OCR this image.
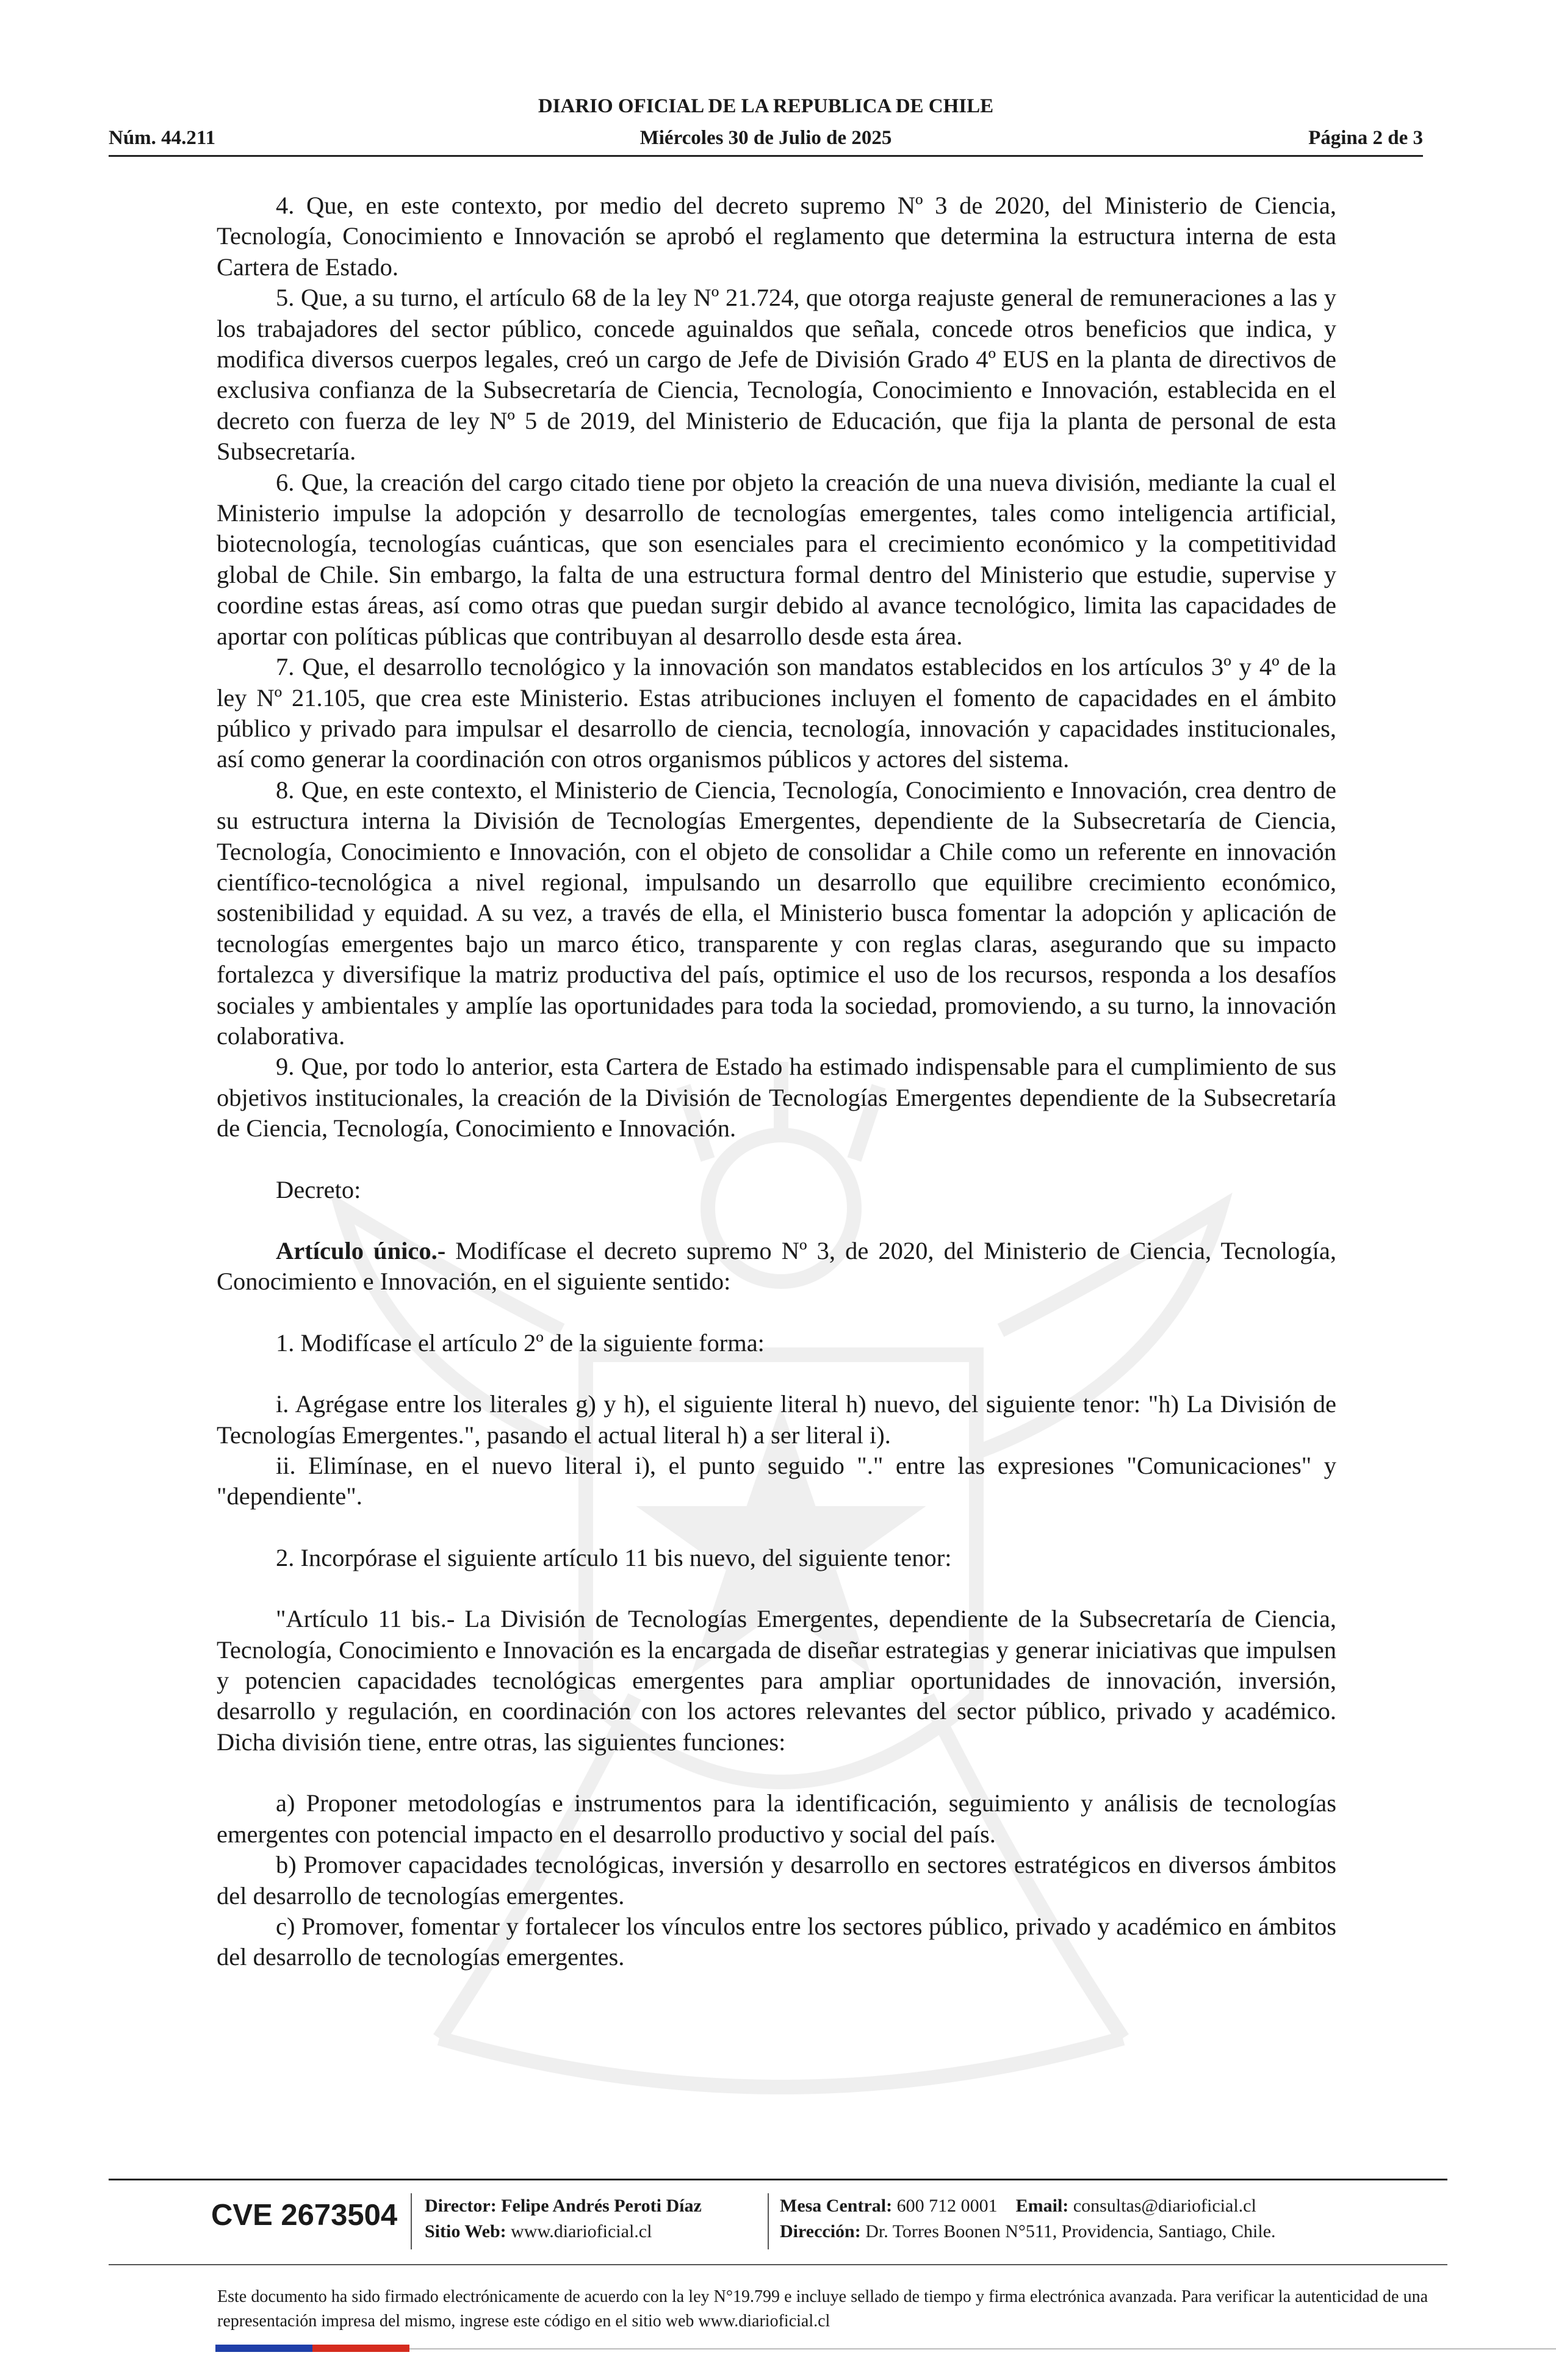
DIARIO OFICIAL DE LA REPUBLICA DE CHILE
Núm. 44.211	Miércoles 30 de Julio de 2025	Página 2 de 3

4. Que, en este contexto, por medio del decreto supremo Nº 3 de 2020, del Ministerio de Ciencia, Tecnología, Conocimiento e Innovación se aprobó el reglamento que determina la estructura interna de esta Cartera de Estado.

5. Que, a su turno, el artículo 68 de la ley Nº 21.724, que otorga reajuste general de remuneraciones a las y los trabajadores del sector público, concede aguinaldos que señala, concede otros beneficios que indica, y modifica diversos cuerpos legales, creó un cargo de Jefe de División Grado 4º EUS en la planta de directivos de exclusiva confianza de la Subsecretaría de Ciencia, Tecnología, Conocimiento e Innovación, establecida en el decreto con fuerza de ley Nº 5 de 2019, del Ministerio de Educación, que fija la planta de personal de esta Subsecretaría.

6. Que, la creación del cargo citado tiene por objeto la creación de una nueva división, mediante la cual el Ministerio impulse la adopción y desarrollo de tecnologías emergentes, tales como inteligencia artificial, biotecnología, tecnologías cuánticas, que son esenciales para el crecimiento económico y la competitividad global de Chile. Sin embargo, la falta de una estructura formal dentro del Ministerio que estudie, supervise y coordine estas áreas, así como otras que puedan surgir debido al avance tecnológico, limita las capacidades de aportar con políticas públicas que contribuyan al desarrollo desde esta área.

7. Que, el desarrollo tecnológico y la innovación son mandatos establecidos en los artículos 3º y 4º de la ley Nº 21.105, que crea este Ministerio. Estas atribuciones incluyen el fomento de capacidades en el ámbito público y privado para impulsar el desarrollo de ciencia, tecnología, innovación y capacidades institucionales, así como generar la coordinación con otros organismos públicos y actores del sistema.

8. Que, en este contexto, el Ministerio de Ciencia, Tecnología, Conocimiento e Innovación, crea dentro de su estructura interna la División de Tecnologías Emergentes, dependiente de la Subsecretaría de Ciencia, Tecnología, Conocimiento e Innovación, con el objeto de consolidar a Chile como un referente en innovación científico-tecnológica a nivel regional, impulsando un desarrollo que equilibre crecimiento económico, sostenibilidad y equidad. A su vez, a través de ella, el Ministerio busca fomentar la adopción y aplicación de tecnologías emergentes bajo un marco ético, transparente y con reglas claras, asegurando que su impacto fortalezca y diversifique la matriz productiva del país, optimice el uso de los recursos, responda a los desafíos sociales y ambientales y amplíe las oportunidades para toda la sociedad, promoviendo, a su turno, la innovación colaborativa.

9. Que, por todo lo anterior, esta Cartera de Estado ha estimado indispensable para el cumplimiento de sus objetivos institucionales, la creación de la División de Tecnologías Emergentes dependiente de la Subsecretaría de Ciencia, Tecnología, Conocimiento e Innovación.

Decreto:

Artículo único.- Modifícase el decreto supremo Nº 3, de 2020, del Ministerio de Ciencia, Tecnología, Conocimiento e Innovación, en el siguiente sentido:

1. Modifícase el artículo 2º de la siguiente forma:

i. Agrégase entre los literales g) y h), el siguiente literal h) nuevo, del siguiente tenor: "h) La División de Tecnologías Emergentes.", pasando el actual literal h) a ser literal i).

ii. Elimínase, en el nuevo literal i), el punto seguido "." entre las expresiones "Comunicaciones" y "dependiente".

2. Incorpórase el siguiente artículo 11 bis nuevo, del siguiente tenor:

"Artículo 11 bis.- La División de Tecnologías Emergentes, dependiente de la Subsecretaría de Ciencia, Tecnología, Conocimiento e Innovación es la encargada de diseñar estrategias y generar iniciativas que impulsen y potencien capacidades tecnológicas emergentes para ampliar oportunidades de innovación, inversión, desarrollo y regulación, en coordinación con los actores relevantes del sector público, privado y académico. Dicha división tiene, entre otras, las siguientes funciones:

a) Proponer metodologías e instrumentos para la identificación, seguimiento y análisis de tecnologías emergentes con potencial impacto en el desarrollo productivo y social del país.

b) Promover capacidades tecnológicas, inversión y desarrollo en sectores estratégicos en diversos ámbitos del desarrollo de tecnologías emergentes.

c) Promover, fomentar y fortalecer los vínculos entre los sectores público, privado y académico en ámbitos del desarrollo de tecnologías emergentes.

CVE 2673504 Director: Felipe Andrés Peroti Díaz
Sitio Web: www.diarioficial.cl
Mesa Central: 600 712 0001 Email: consultas@diarioficial.cl
Dirección: Dr. Torres Boonen N°511, Providencia, Santiago, Chile.
Este documento ha sido firmado electrónicamente de acuerdo con la ley N°19.799 e incluye sellado de tiempo y firma electrónica avanzada. Para verificar la autenticidad de una representación impresa del mismo, ingrese este código en el sitio web www.diarioficial.cl
